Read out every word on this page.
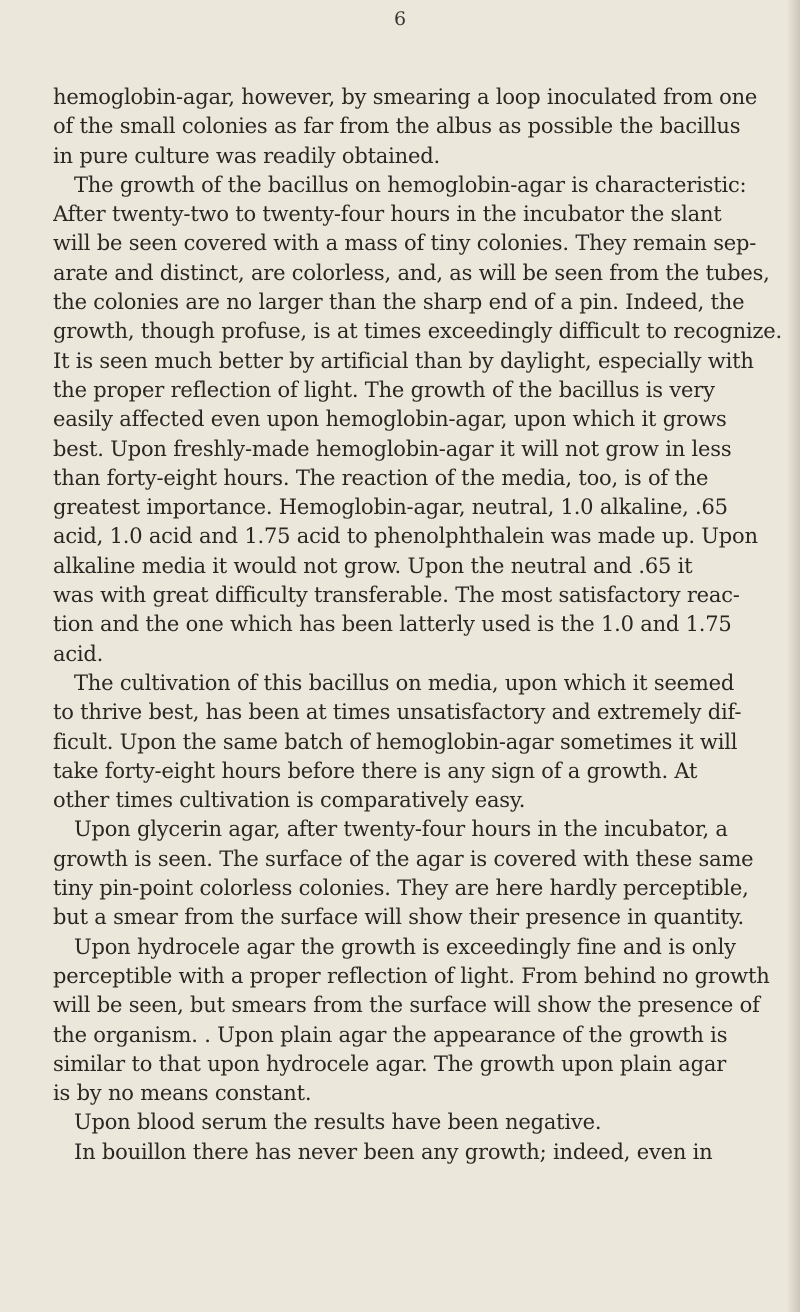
6
hemoglobin-agar, however, by smearing a loop inoculated from one
of the small colonies as far from the albus as possible the bacillus
in pure culture was readily obtained.
The growth of the bacillus on hemoglobin-agar is characteristic:
After twenty-two to twenty-four hours in the incubator the slant
will be seen covered with a mass of tiny colonies. They remain sep-
arate and distinct, are colorless, and, as will be seen from the tubes,
the colonies are no larger than the sharp end of a pin. Indeed, the
growth, though profuse, is at times exceedingly difficult to recognize.
It is seen much better by artificial than by daylight, especially with
the proper reflection of light. The growth of the bacillus is very
easily affected even upon hemoglobin-agar, upon which it grows
best. Upon freshly-made hemoglobin-agar it will not grow in less
than forty-eight hours. The reaction of the media, too, is of the
greatest importance. Hemoglobin-agar, neutral, 1.0 alkaline, .65
acid, 1.0 acid and 1.75 acid to phenolphthalein was made up. Upon
alkaline media it would not grow. Upon the neutral and .65 it
was with great difficulty transferable. The most satisfactory reac-
tion and the one which has been latterly used is the 1.0 and 1.75
acid.
The cultivation of this bacillus on media, upon which it seemed
to thrive best, has been at times unsatisfactory and extremely dif-
ficult. Upon the same batch of hemoglobin-agar sometimes it will
take forty-eight hours before there is any sign of a growth. At
other times cultivation is comparatively easy.
Upon glycerin agar, after twenty-four hours in the incubator, a
growth is seen. The surface of the agar is covered with these same
tiny pin-point colorless colonies. They are here hardly perceptible,
but a smear from the surface will show their presence in quantity.
Upon hydrocele agar the growth is exceedingly fine and is only
perceptible with a proper reflection of light. From behind no growth
will be seen, but smears from the surface will show the presence of
the organism. . Upon plain agar the appearance of the growth is
similar to that upon hydrocele agar. The growth upon plain agar
is by no means constant.
Upon blood serum the results have been negative.
In bouillon there has never been any growth; indeed, even in
